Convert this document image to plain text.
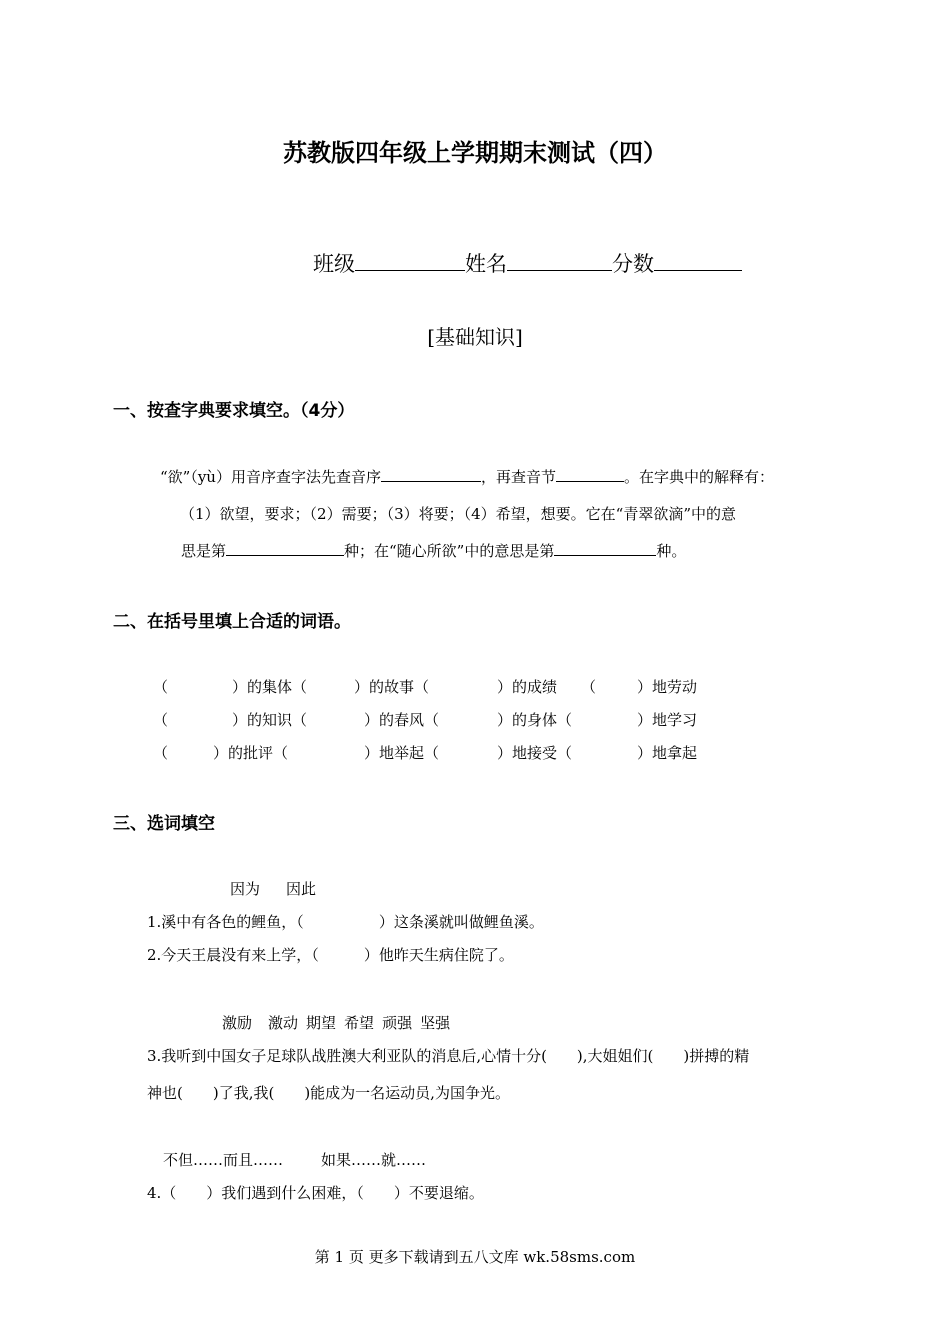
苏教版四年级上学期期末测试（四）
班级	姓名	分数
[基础知识]
一、按查字典要求填空。（4分）
“欲”（yù）用音序查字法先查音序	，再查音节	。在字典中的解释有：
（1）欲望，要求；（2）需要；（3）将要；（4）希望，想要。它在“青翠欲滴”中的意
思是第	种；在“随心所欲”中的意思是第	种。
二、在括号里填上合适的词语。
（	）的集体（	）的故事（	）的成绩 （	）地劳动
（	）的知识（	）的春风（	）的身体（	）地学习
（	）的批评（	）地举起（	）地接受（	）地拿起
三、选词填空
因为 因此
1.溪中有各色的鲤鱼，（　　　　　）这条溪就叫做鲤鱼溪。
2.今天王晨没有来上学，（　　　）他昨天生病住院了。
激励 激动 期望 希望 顽强 坚强
3.我听到中国女子足球队战胜澳大利亚队的消息后,心情十分(　　),大姐姐们(　　)拼搏的精
神也(　　)了我,我(　　)能成为一名运动员,为国争光。
不但……而且……	如果……就……
4.（　　）我们遇到什么困难，（　　）不要退缩。
第 1 页 更多下载请到五八文库 wk.58sms.com
